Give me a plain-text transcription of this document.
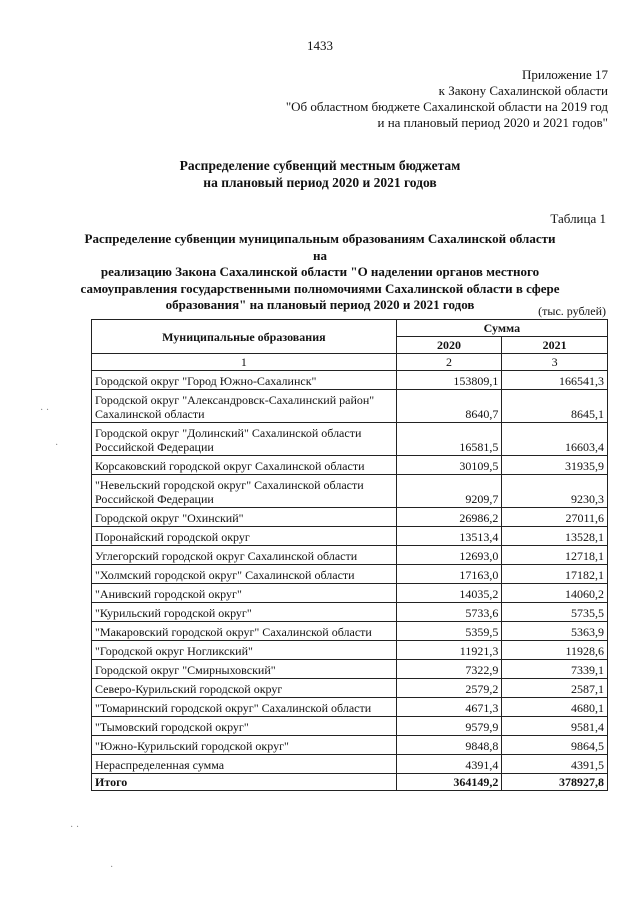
1433
Приложение 17
к Закону Сахалинской области
"Об областном бюджете Сахалинской области на 2019 год
и на плановый период 2020 и 2021 годов"
Распределение субвенций местным бюджетам
на плановый период 2020 и 2021 годов
Таблица 1
Распределение субвенции муниципальным образованиям Сахалинской области на
реализацию Закона Сахалинской области "О наделении органов местного
самоуправления государственными полномочиями Сахалинской области в сфере
образования" на плановый период 2020 и 2021 годов	(тыс. рублей)
Муниципальные образования	Сумма	
	2020	2021
1	2	3
Городской округ "Город Южно-Сахалинск"	153809,1	166541,3
Городской округ "Александровск-Сахалинский район" Сахалинской области	8640,7	8645,1
Городской округ "Долинский" Сахалинской области Российской Федерации	16581,5	16603,4
Корсаковский городской округ Сахалинской области	30109,5	31935,9
"Невельский городской округ" Сахалинской области Российской Федерации	9209,7	9230,3
Городской округ "Охинский"	26986,2	27011,6
Поронайский городской округ	13513,4	13528,1
Углегорский городской округ Сахалинской области	12693,0	12718,1
"Холмский городской округ" Сахалинской области	17163,0	17182,1
"Анивский городской округ"	14035,2	14060,2
"Курильский городской округ"	5733,6	5735,5
"Макаровский городской округ" Сахалинской области	5359,5	5363,9
"Городской округ Ногликский"	11921,3	11928,6
Городской округ "Смирныховский"	7322,9	7339,1
Северо-Курильский городской округ	2579,2	2587,1
"Томаринский городской округ" Сахалинской области	4671,3	4680,1
"Тымовский городской округ"	9579,9	9581,4
"Южно-Курильский городской округ"	9848,8	9864,5
Нераспределенная сумма	4391,4	4391,5
Итого	364149,2	378927,8
· ·
·
· ·
·
